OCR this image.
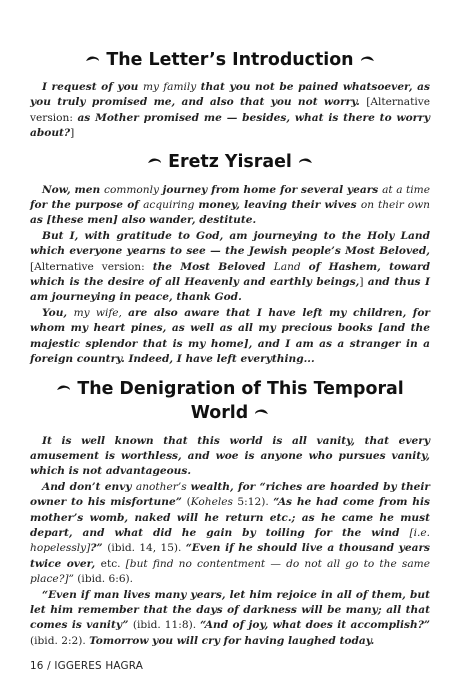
The Letter’s Introduction

I request of you my family that you not be pained whatsoever, as you truly promised me, and also that you not worry. [Alternative version: as Mother promised me — besides, what is there to worry about?]

Eretz Yisrael

Now, men commonly journey from home for several years at a time for the purpose of acquiring money, leaving their wives on their own as [these men] also wander, destitute.

But I, with gratitude to God, am journeying to the Holy Land which everyone yearns to see — the Jewish people’s Most Beloved, [Alternative version: the Most Beloved Land of Hashem, toward which is the desire of all Heavenly and earthly beings,] and thus I am journeying in peace, thank God.

You, my wife, are also aware that I have left my children, for whom my heart pines, as well as all my precious books [and the majestic splendor that is my home], and I am as a stranger in a foreign country. Indeed, I have left everything...

The Denigration of This Temporal World

It is well known that this world is all vanity, that every amusement is worthless, and woe is anyone who pursues vanity, which is not advantageous.

And don’t envy another’s wealth, for “riches are hoarded by their owner to his misfortune” (Koheles 5:12). “As he had come from his mother’s womb, naked will he return etc.; as he came he must depart, and what did he gain by toiling for the wind [i.e. hopelessly]?” (ibid. 14, 15). “Even if he should live a thousand years twice over, etc. [but find no contentment — do not all go to the same place?]” (ibid. 6:6).

“Even if man lives many years, let him rejoice in all of them, but let him remember that the days of darkness will be many; all that comes is vanity” (ibid. 11:8). “And of joy, what does it accomplish?” (ibid. 2:2). Tomorrow you will cry for having laughed today.

16 / IGGERES HAGRA
